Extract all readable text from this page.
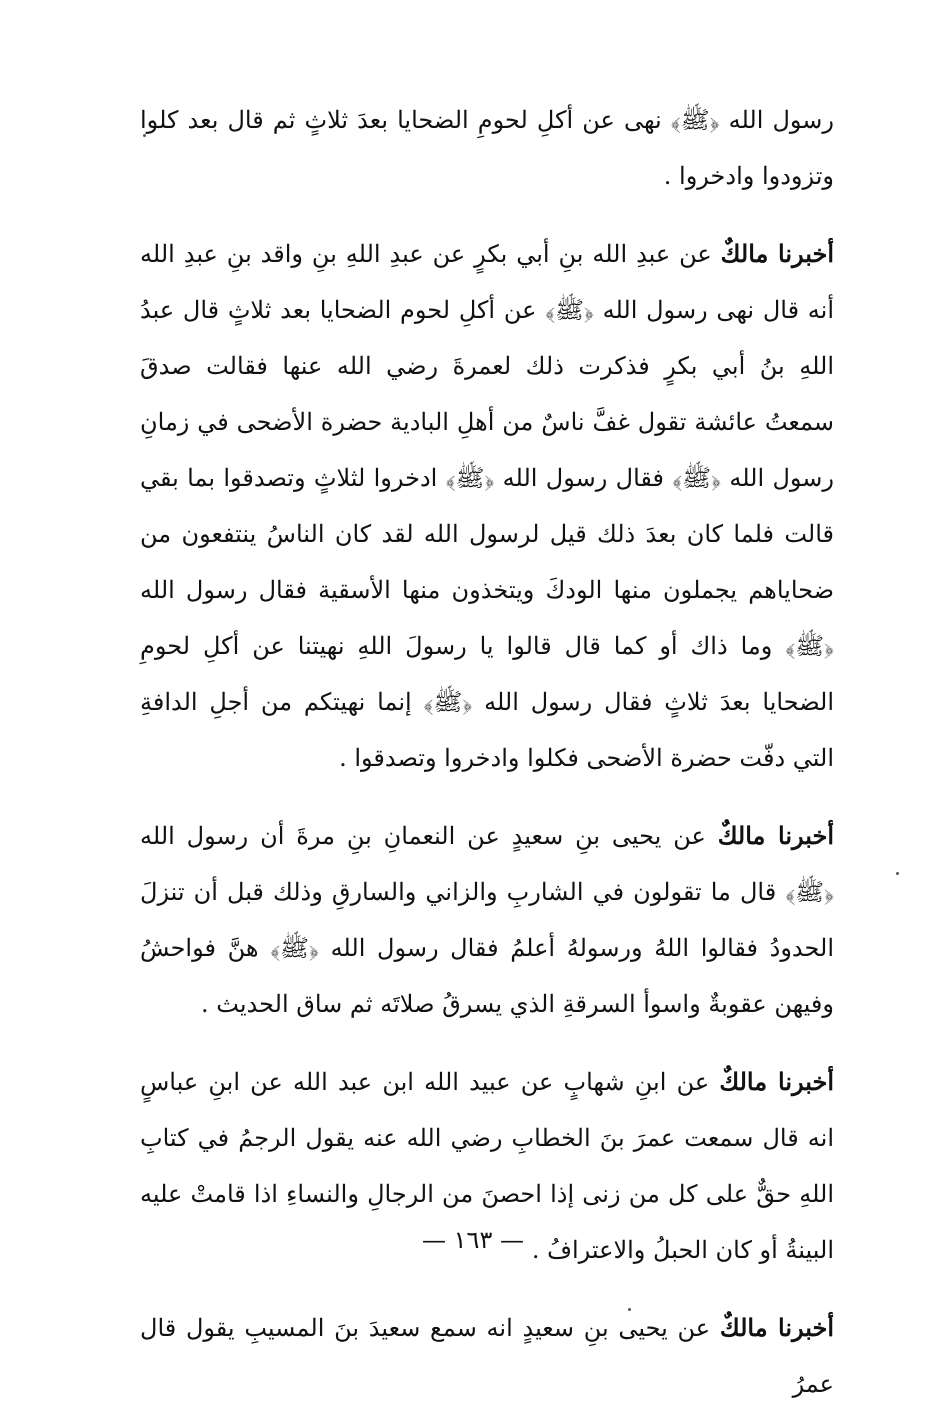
رسول الله ﴿ﷺ﴾ نهى عن أكلِ لحومِ الضحايا بعدَ ثلاثٍ ثم قال بعد كلوا وتزودوا وادخروا .

أخبرنا مالكٌ عن عبدِ الله بنِ أبي بكرٍ عن عبدِ اللهِ بنِ واقد بنِ عبدِ الله أنه قال نهى رسول الله ﴿ﷺ﴾ عن أكلِ لحوم الضحايا بعد ثلاثٍ قال عبدُ اللهِ بنُ أبي بكرٍ فذكرت ذلك لعمرةَ رضي الله عنها فقالت صدقَ سمعتُ عائشة تقول غفَّ ناسٌ من أهلِ البادية حضرة الأضحى في زمانِ رسول الله ﴿ﷺ﴾ فقال رسول الله ﴿ﷺ﴾ ادخروا لثلاثٍ وتصدقوا بما بقي قالت فلما كان بعدَ ذلك قيل لرسول الله لقد كان الناسُ ينتفعون من ضحاياهم يجملون منها الودكَ ويتخذون منها الأسقية فقال رسول الله ﴿ﷺ﴾ وما ذاك أو كما قال قالوا يا رسولَ اللهِ نهيتنا عن أكلِ لحومِ الضحايا بعدَ ثلاثٍ فقال رسول الله ﴿ﷺ﴾ إنما نهيتكم من أجلِ الدافةِ التي دفّت حضرة الأضحى فكلوا وادخروا وتصدقوا .

أخبرنا مالكٌ عن يحيى بنِ سعيدٍ عن النعمانِ بنِ مرةَ أن رسول الله ﴿ﷺ﴾ قال ما تقولون في الشاربِ والزاني والسارقِ وذلك قبل أن تنزلَ الحدودُ فقالوا اللهُ ورسولهُ أعلمُ فقال رسول الله ﴿ﷺ﴾ هنَّ فواحشُ وفيهن عقوبةٌ واسوأ السرقةِ الذي يسرقُ صلاتَه ثم ساق الحديث .

أخبرنا مالكٌ عن ابنِ شهابٍ عن عبيد الله ابن عبد الله عن ابنِ عباسٍ انه قال سمعت عمرَ بنَ الخطابِ رضي الله عنه يقول الرجمُ في كتابِ اللهِ حقٌّ على كل من زنى إذا احصنَ من الرجالِ والنساءِ اذا قامتْ عليه البينةُ أو كان الحبلُ والاعترافُ .

أخبرنا مالكٌ عن يحيى بنِ سعيدٍ انه سمع سعيدَ بنَ المسيبِ يقول قال عمرُ

— ١٦٣ —
